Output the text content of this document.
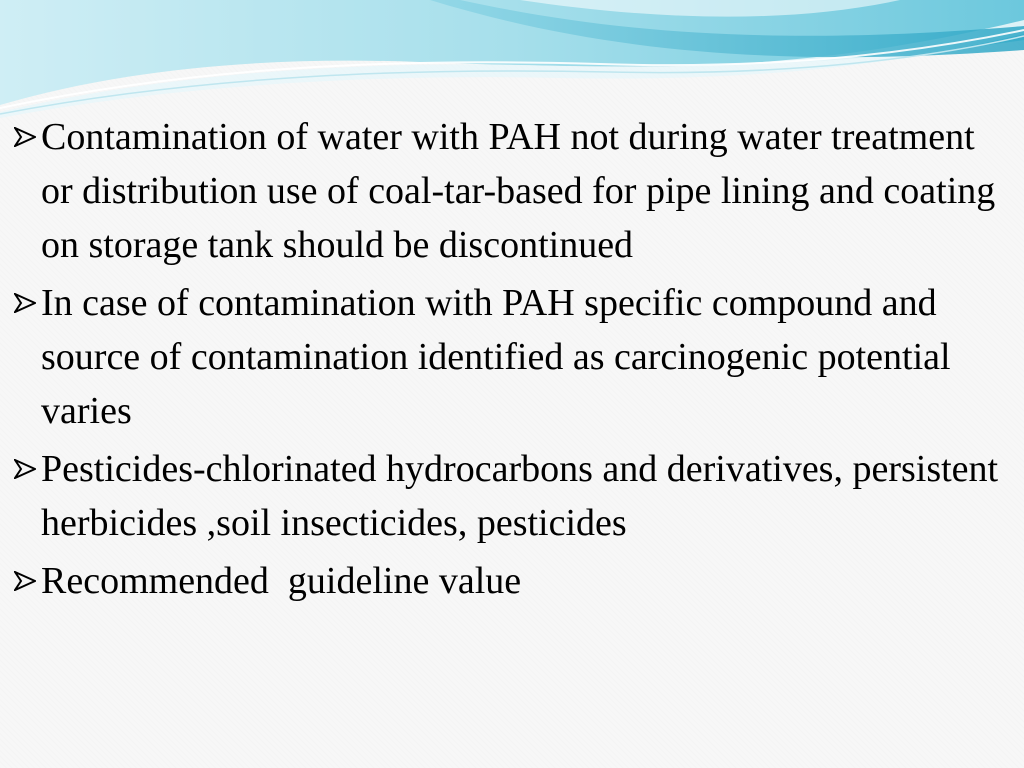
Contamination of water with PAH not during water treatment or distribution use of coal-tar-based for pipe lining and coating on storage tank should be discontinued
In case of contamination with PAH specific compound and source of contamination identified as carcinogenic potential varies
Pesticides-chlorinated hydrocarbons and derivatives, persistent herbicides ,soil insecticides, pesticides
Recommended  guideline value
